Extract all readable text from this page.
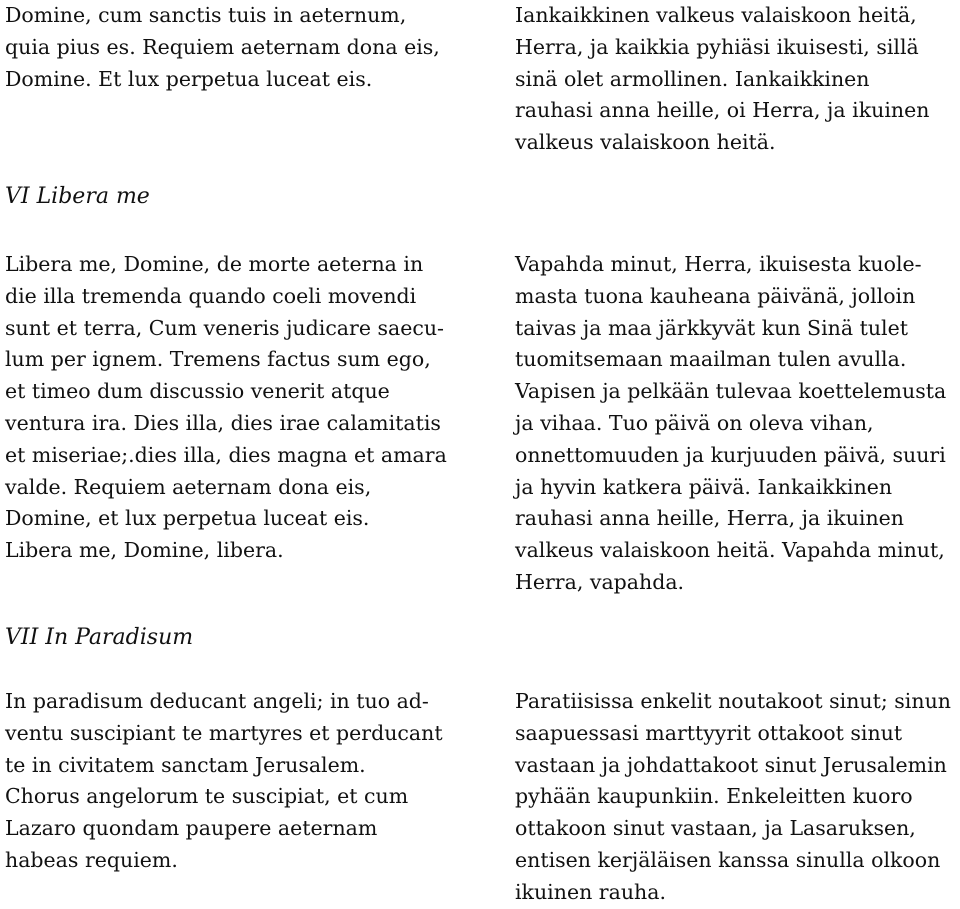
Domine, cum sanctis tuis in aeternum,
quia pius es. Requiem aeternam dona eis,
Domine. Et lux perpetua luceat eis.
Iankaikkinen valkeus valaiskoon heitä,
Herra, ja kaikkia pyhiäsi ikuisesti, sillä
sinä olet armollinen. Iankaikkinen
rauhasi anna heille, oi Herra, ja ikuinen
valkeus valaiskoon heitä.
VI Libera me
Libera me, Domine, de morte aeterna in
die illa tremenda quando coeli movendi
sunt et terra, Cum veneris judicare saecu-
lum per ignem. Tremens factus sum ego,
et timeo dum discussio venerit atque
ventura ira. Dies illa, dies irae calamitatis
et miseriae;.dies illa, dies magna et amara
valde. Requiem aeternam dona eis,
Domine, et lux perpetua luceat eis.
Libera me, Domine, libera.
Vapahda minut, Herra, ikuisesta kuole-
masta tuona kauheana päivänä, jolloin
taivas ja maa järkkyvät kun Sinä tulet
tuomitsemaan maailman tulen avulla.
Vapisen ja pelkään tulevaa koettelemusta
ja vihaa. Tuo päivä on oleva vihan,
onnettomuuden ja kurjuuden päivä, suuri
ja hyvin katkera päivä. Iankaikkinen
rauhasi anna heille, Herra, ja ikuinen
valkeus valaiskoon heitä. Vapahda minut,
Herra, vapahda.
VII In Paradisum
In paradisum deducant angeli; in tuo ad-
ventu suscipiant te martyres et perducant
te in civitatem sanctam Jerusalem.
Chorus angelorum te suscipiat, et cum
Lazaro quondam paupere aeternam
habeas requiem.
Paratiisissa enkelit noutakoot sinut; sinun
saapuessasi marttyyrit ottakoot sinut
vastaan ja johdattakoot sinut Jerusalemin
pyhään kaupunkiin. Enkeleitten kuoro
ottakoon sinut vastaan, ja Lasaruksen,
entisen kerjäläisen kanssa sinulla olkoon
ikuinen rauha.
